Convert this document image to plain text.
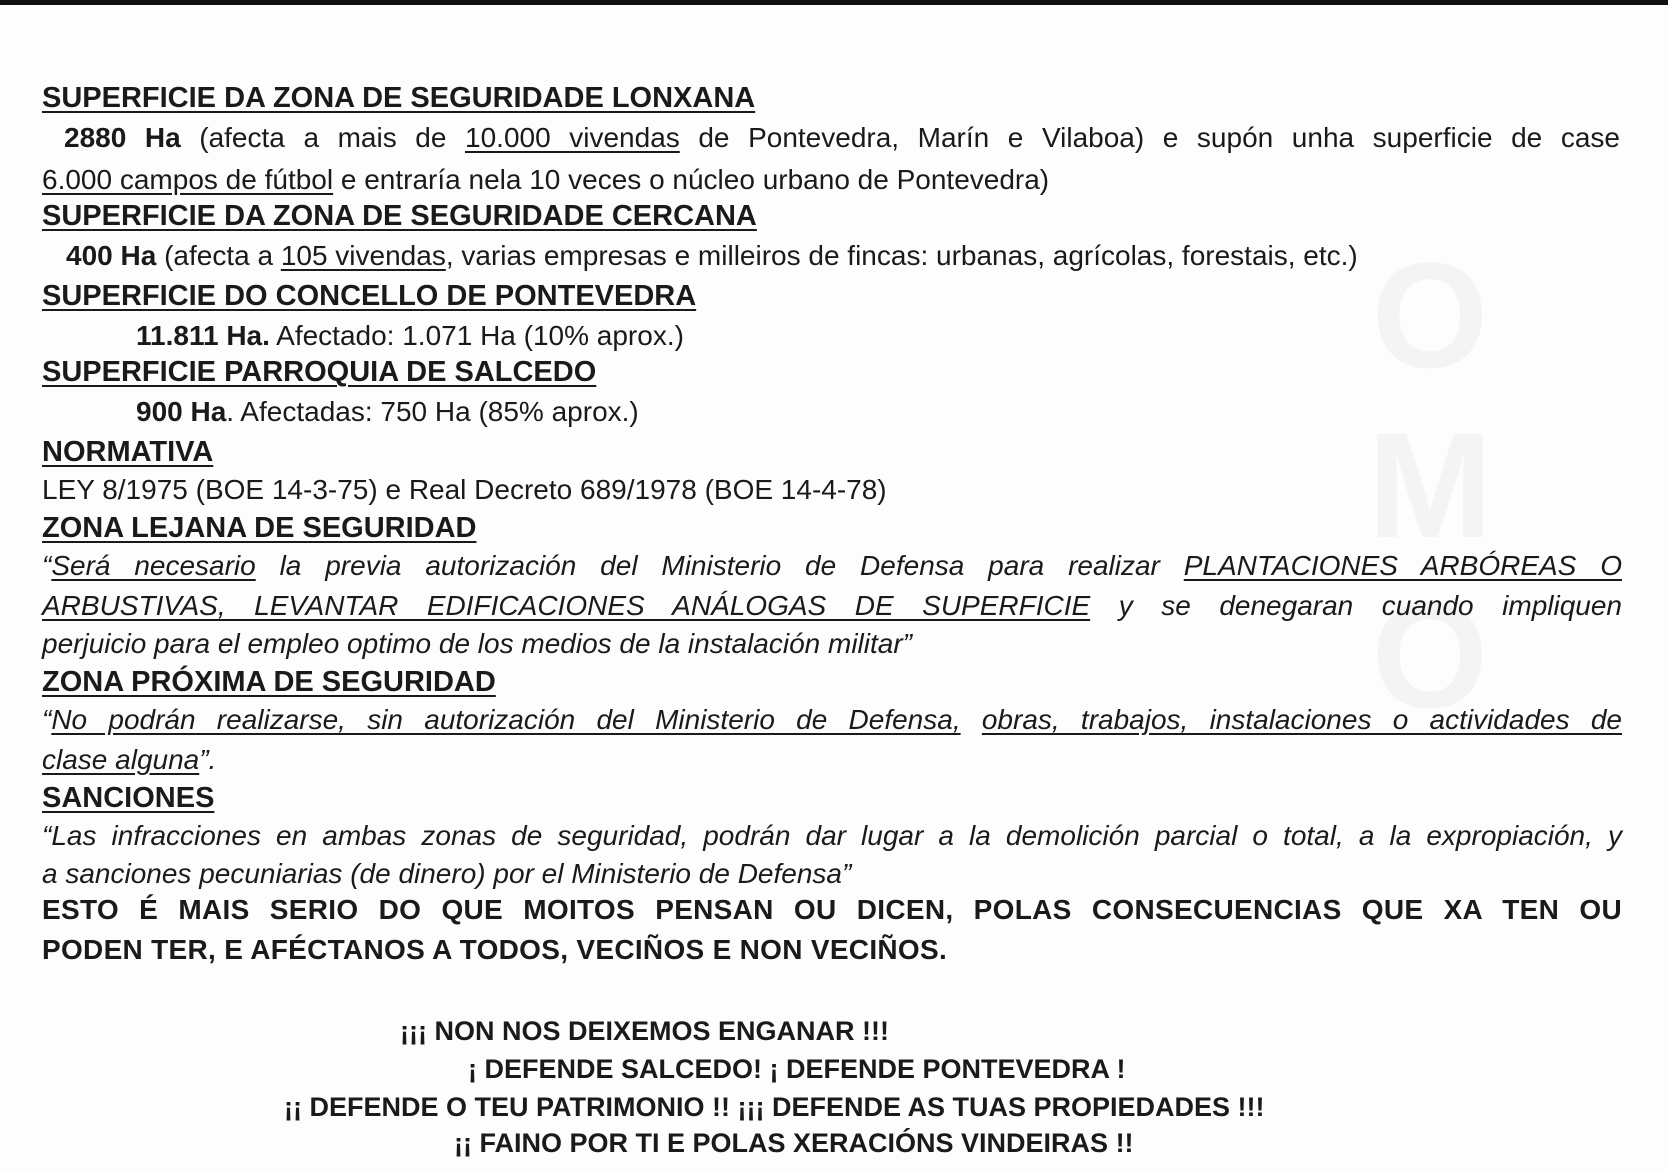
SUPERFICIE DA ZONA DE SEGURIDADE LONXANA
2880 Ha (afecta a mais de 10.000 vivendas de Pontevedra, Marín e Vilaboa) e supón unha superficie de case
6.000 campos de fútbol e entraría nela 10 veces o núcleo urbano de Pontevedra)
SUPERFICIE DA ZONA DE SEGURIDADE CERCANA
400 Ha (afecta a 105 vivendas, varias empresas e milleiros de fincas: urbanas, agrícolas, forestais, etc.)
SUPERFICIE DO CONCELLO DE PONTEVEDRA
11.811 Ha. Afectado: 1.071 Ha (10% aprox.)
SUPERFICIE PARROQUIA DE SALCEDO
900 Ha. Afectadas: 750 Ha (85% aprox.)
NORMATIVA
LEY 8/1975 (BOE 14-3-75) e Real Decreto 689/1978 (BOE 14-4-78)
ZONA LEJANA DE SEGURIDAD
“Será necesario la previa autorización del Ministerio de Defensa para realizar PLANTACIONES ARBÓREAS O
ARBUSTIVAS, LEVANTAR EDIFICACIONES ANÁLOGAS DE SUPERFICIE y se denegaran cuando impliquen
perjuicio para el empleo optimo de los medios de la instalación militar”
ZONA PRÓXIMA DE SEGURIDAD
“No podrán realizarse, sin autorización del Ministerio de Defensa, obras, trabajos, instalaciones o actividades de
clase alguna”.
SANCIONES
“Las infracciones en ambas zonas de seguridad, podrán dar lugar a la demolición parcial o total, a la expropiación, y
a sanciones pecuniarias (de dinero) por el Ministerio de Defensa”
ESTO É MAIS SERIO DO QUE MOITOS PENSAN OU DICEN, POLAS CONSECUENCIAS QUE XA TEN OU
PODEN TER, E AFÉCTANOS A TODOS, VECIÑOS E NON VECIÑOS.
¡¡¡ NON NOS DEIXEMOS ENGANAR !!!
¡ DEFENDE SALCEDO! ¡ DEFENDE PONTEVEDRA !
¡¡ DEFENDE O TEU PATRIMONIO !! ¡¡¡ DEFENDE AS TUAS PROPIEDADES !!!
¡¡ FAINO POR TI E POLAS XERACIÓNS VINDEIRAS !!
